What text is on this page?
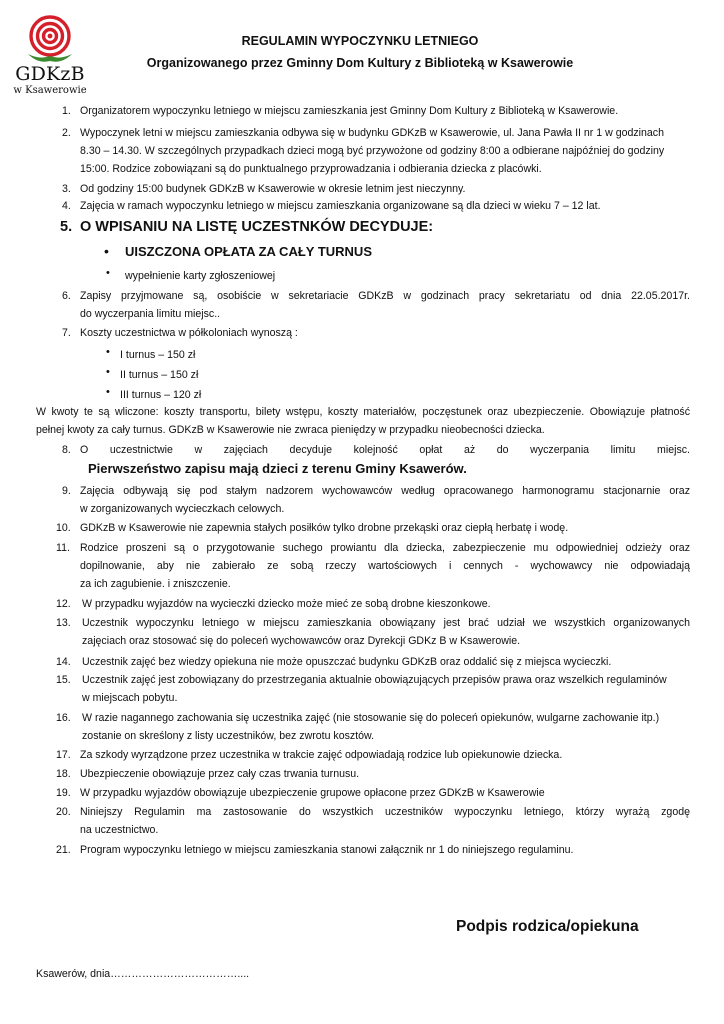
GDKzB
w Ksawerowie
REGULAMIN WYPOCZYNKU LETNIEGO
Organizowanego przez Gminny Dom Kultury z Biblioteką w Ksawerowie
1. Organizatorem wypoczynku letniego w miejscu zamieszkania jest Gminny Dom Kultury z Biblioteką w Ksawerowie.
2. Wypoczynek letni w miejscu zamieszkania odbywa się w budynku GDKzB w Ksawerowie, ul. Jana Pawła II nr 1 w godzinach
8.30 – 14.30. W szczególnych przypadkach dzieci mogą być przywożone od godziny 8:00 a odbierane najpóźniej do godziny
15:00. Rodzice zobowiązani są do punktualnego przyprowadzania i odbierania dziecka z placówki.
3. Od godziny 15:00 budynek GDKzB w Ksawerowie w okresie letnim jest nieczynny.
4. Zajęcia w ramach wypoczynku letniego w miejscu zamieszkania organizowane są dla dzieci w wieku 7 – 12 lat.
5. O WPISANIU NA LISTĘ UCZESTNKÓW DECYDUJE:
• UISZCZONA OPŁATA ZA CAŁY TURNUS
• wypełnienie karty zgłoszeniowej
6. Zapisy przyjmowane są, osobiście w sekretariacie GDKzB w godzinach pracy sekretariatu od dnia 22.05.2017r.
do wyczerpania limitu miejsc..
7. Koszty uczestnictwa w półkoloniach wynoszą :
• I turnus – 150 zł
• II turnus – 150 zł
• III turnus – 120 zł
W kwoty te są wliczone: koszty transportu, bilety wstępu, koszty materiałów, poczęstunek oraz ubezpieczenie. Obowiązuje płatność
pełnej kwoty za cały turnus. GDKzB w Ksawerowie nie zwraca pieniędzy w przypadku nieobecności dziecka.
8. O uczestnictwie w zajęciach decyduje kolejność opłat aż do wyczerpania limitu miejsc.
Pierwszeństwo zapisu mają dzieci z terenu Gminy Ksawerów.
9. Zajęcia odbywają się pod stałym nadzorem wychowawców według opracowanego harmonogramu stacjonarnie oraz
w zorganizowanych wycieczkach celowych.
10. GDKzB w Ksawerowie nie zapewnia stałych posiłków tylko drobne przekąski oraz ciepłą herbatę i wodę.
11. Rodzice proszeni są o przygotowanie suchego prowiantu dla dziecka, zabezpieczenie mu odpowiedniej odzieży oraz
dopilnowanie, aby nie zabierało ze sobą rzeczy wartościowych i cennych - wychowawcy nie odpowiadają
za ich zagubienie. i zniszczenie.
12. W przypadku wyjazdów na wycieczki dziecko może mieć ze sobą drobne kieszonkowe.
13. Uczestnik wypoczynku letniego w miejscu zamieszkania obowiązany jest brać udział we wszystkich organizowanych
zajęciach oraz stosować się do poleceń wychowawców oraz Dyrekcji GDKz B w Ksawerowie.
14. Uczestnik zajęć bez wiedzy opiekuna nie może opuszczać budynku GDKzB oraz oddalić się z miejsca wycieczki.
15. Uczestnik zajęć jest zobowiązany do przestrzegania aktualnie obowiązujących przepisów prawa oraz wszelkich regulaminów
w miejscach pobytu.
16. W razie nagannego zachowania się uczestnika zajęć (nie stosowanie się do poleceń opiekunów, wulgarne zachowanie itp.)
zostanie on skreślony z listy uczestników, bez zwrotu kosztów.
17. Za szkody wyrządzone przez uczestnika w trakcie zajęć odpowiadają rodzice lub opiekunowie dziecka.
18. Ubezpieczenie obowiązuje przez cały czas trwania turnusu.
19. W przypadku wyjazdów obowiązuje ubezpieczenie grupowe opłacone przez GDKzB w Ksawerowie
20. Niniejszy Regulamin ma zastosowanie do wszystkich uczestników wypoczynku letniego, którzy wyrażą zgodę
na uczestnictwo.
21. Program wypoczynku letniego w miejscu zamieszkania stanowi załącznik nr 1 do niniejszego regulaminu.
Podpis rodzica/opiekuna
Ksawerów, dnia………………………………....
